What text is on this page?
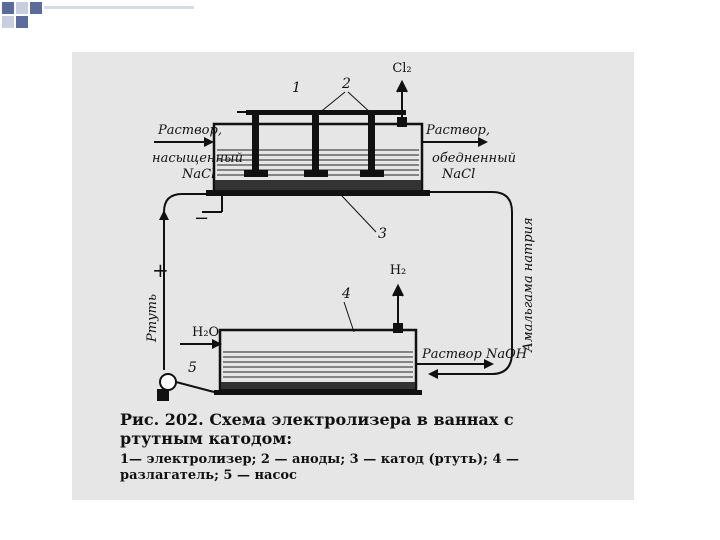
+
−
Cl₂
H₂
H₂O
Раствор,
насыщенный
NaCl
Раствор,
обедненный
NaCl
Раствор NaOH
Ртуть	Амальгама натрия
1	2
3
4
5
Рис. 202. Схема электролизера в ваннах с ртутным катодом:
1— электролизер; 2 — аноды; 3 — катод (ртуть); 4 — разлагатель; 5 — насос
